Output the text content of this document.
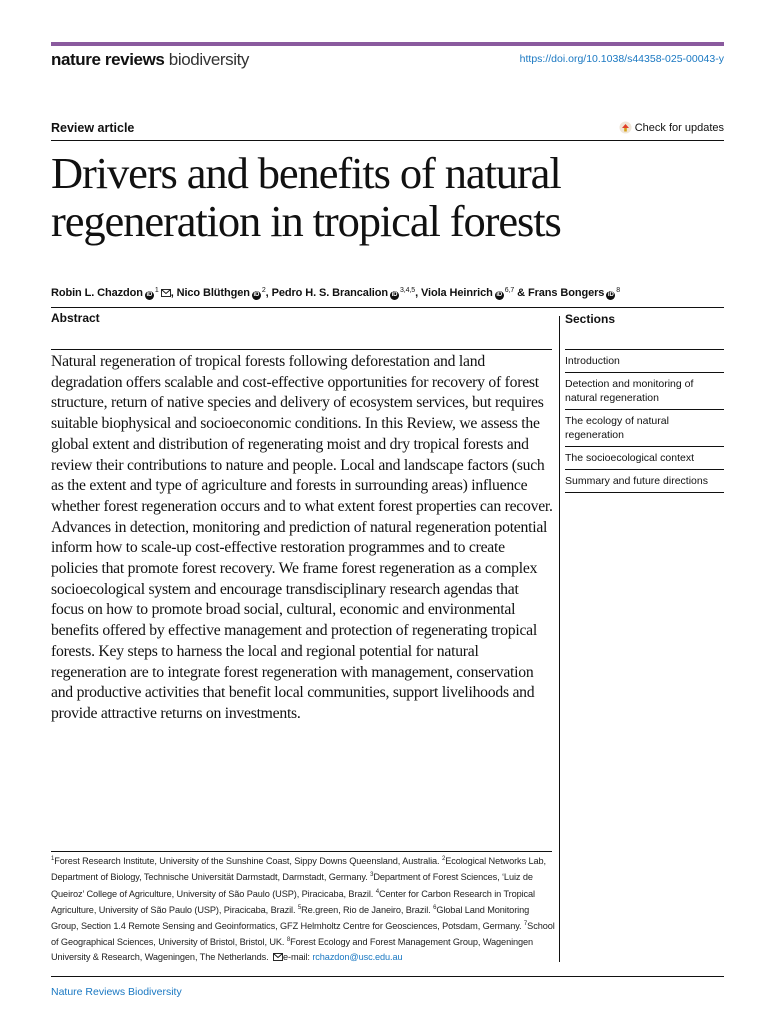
nature reviews biodiversity	https://doi.org/10.1038/s44358-025-00043-y
Review article	Check for updates
Drivers and benefits of natural regeneration in tropical forests
Robin L. Chazdon $iD^1$ , Nico Blüthgen $iD^2$, Pedro H. S. Brancalion iD$^{3,4,5}$, Viola Heinrich iD$^{6,7}$ & Frans Bongers $iD^8$
Abstract

Natural regeneration of tropical forests following deforestation and land degradation offers scalable and cost-effective opportunities for recovery of forest structure, return of native species and delivery of ecosystem services, but requires suitable biophysical and socioeconomic conditions. In this Review, we assess the global extent and distribution of regenerating moist and dry tropical forests and review their contributions to nature and people. Local and landscape factors (such as the extent and type of agriculture and forests in surrounding areas) influence whether forest regeneration occurs and to what extent forest properties can recover. Advances in detection, monitoring and prediction of natural regeneration potential inform how to scale-up cost-effective restoration programmes and to create policies that promote forest recovery. We frame forest regeneration as a complex socioecological system and encourage transdisciplinary research agendas that focus on how to promote broad social, cultural, economic and environmental benefits offered by effective management and protection of regenerating tropical forests. Key steps to harness the local and regional potential for natural regeneration are to integrate forest regeneration with management, conservation and productive activities that benefit local communities, support livelihoods and provide attractive returns on investments.

Sections
Introduction
Detection and monitoring of natural regeneration
The ecology of natural regeneration
The socioecological context
Summary and future directions

$^1$Forest Research Institute, University of the Sunshine Coast, Sippy Downs Queensland, Australia. $^2$Ecological Networks Lab, Department of Biology, Technische Universität Darmstadt, Darmstadt, Germany. $^3$Department of Forest Sciences, ‘Luiz de Queiroz’ College of Agriculture, University of São Paulo (USP), Piracicaba, Brazil. $^4$Center for Carbon Research in Tropical Agriculture, University of São Paulo (USP), Piracicaba, Brazil. $^5$Re.green, Rio de Janeiro, Brazil. $^6$Global Land Monitoring Group, Section 1.4 Remote Sensing and Geoinformatics, GFZ Helmholtz Centre for Geosciences, Potsdam, Germany. $^7$School of Geographical Sciences, University of Bristol, Bristol, UK. $^8$Forest Ecology and Forest Management Group, Wageningen University & Research, Wageningen, The Netherlands. e-mail: rchazdon@usc.edu.au

Nature Reviews Biodiversity
